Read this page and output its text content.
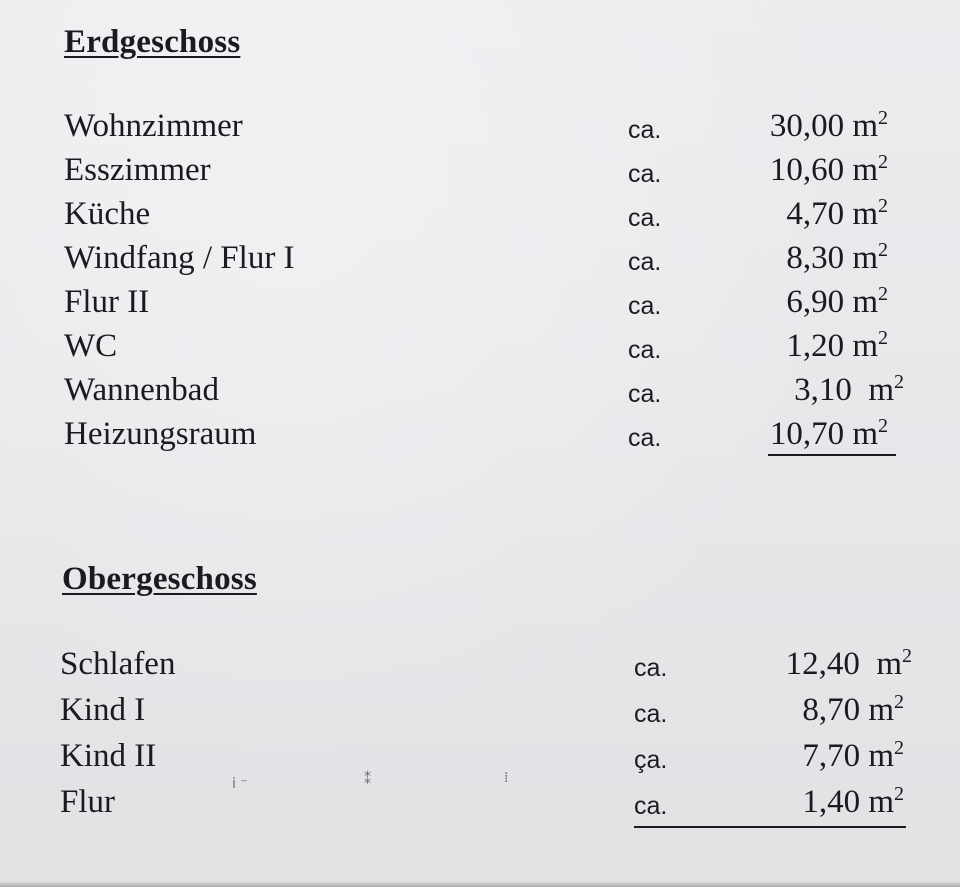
Erdgeschoss
Wohnzimmer	ca.	30,00 $m^2$
Esszimmer	ca.	10,60 $m^2$
Küche	ca.	4,70 $m^2$
Windfang / Flur I	ca.	8,30 $m^2$
Flur II	ca.	6,90 $m^2$
WC	ca.	1,20 $m^2$
Wannenbad	ca.	3,10  $m^2$
Heizungsraum	ca.	10,70 $m^2$
Obergeschoss
Schlafen	ca.	12,40  $m^2$
Kind I	ca.	8,70 $m^2$
Kind II	ça.	7,70 $m^2$
Flur	ca.	1,40 $m^2$
ⅰ ⁻	⁑	⁞
